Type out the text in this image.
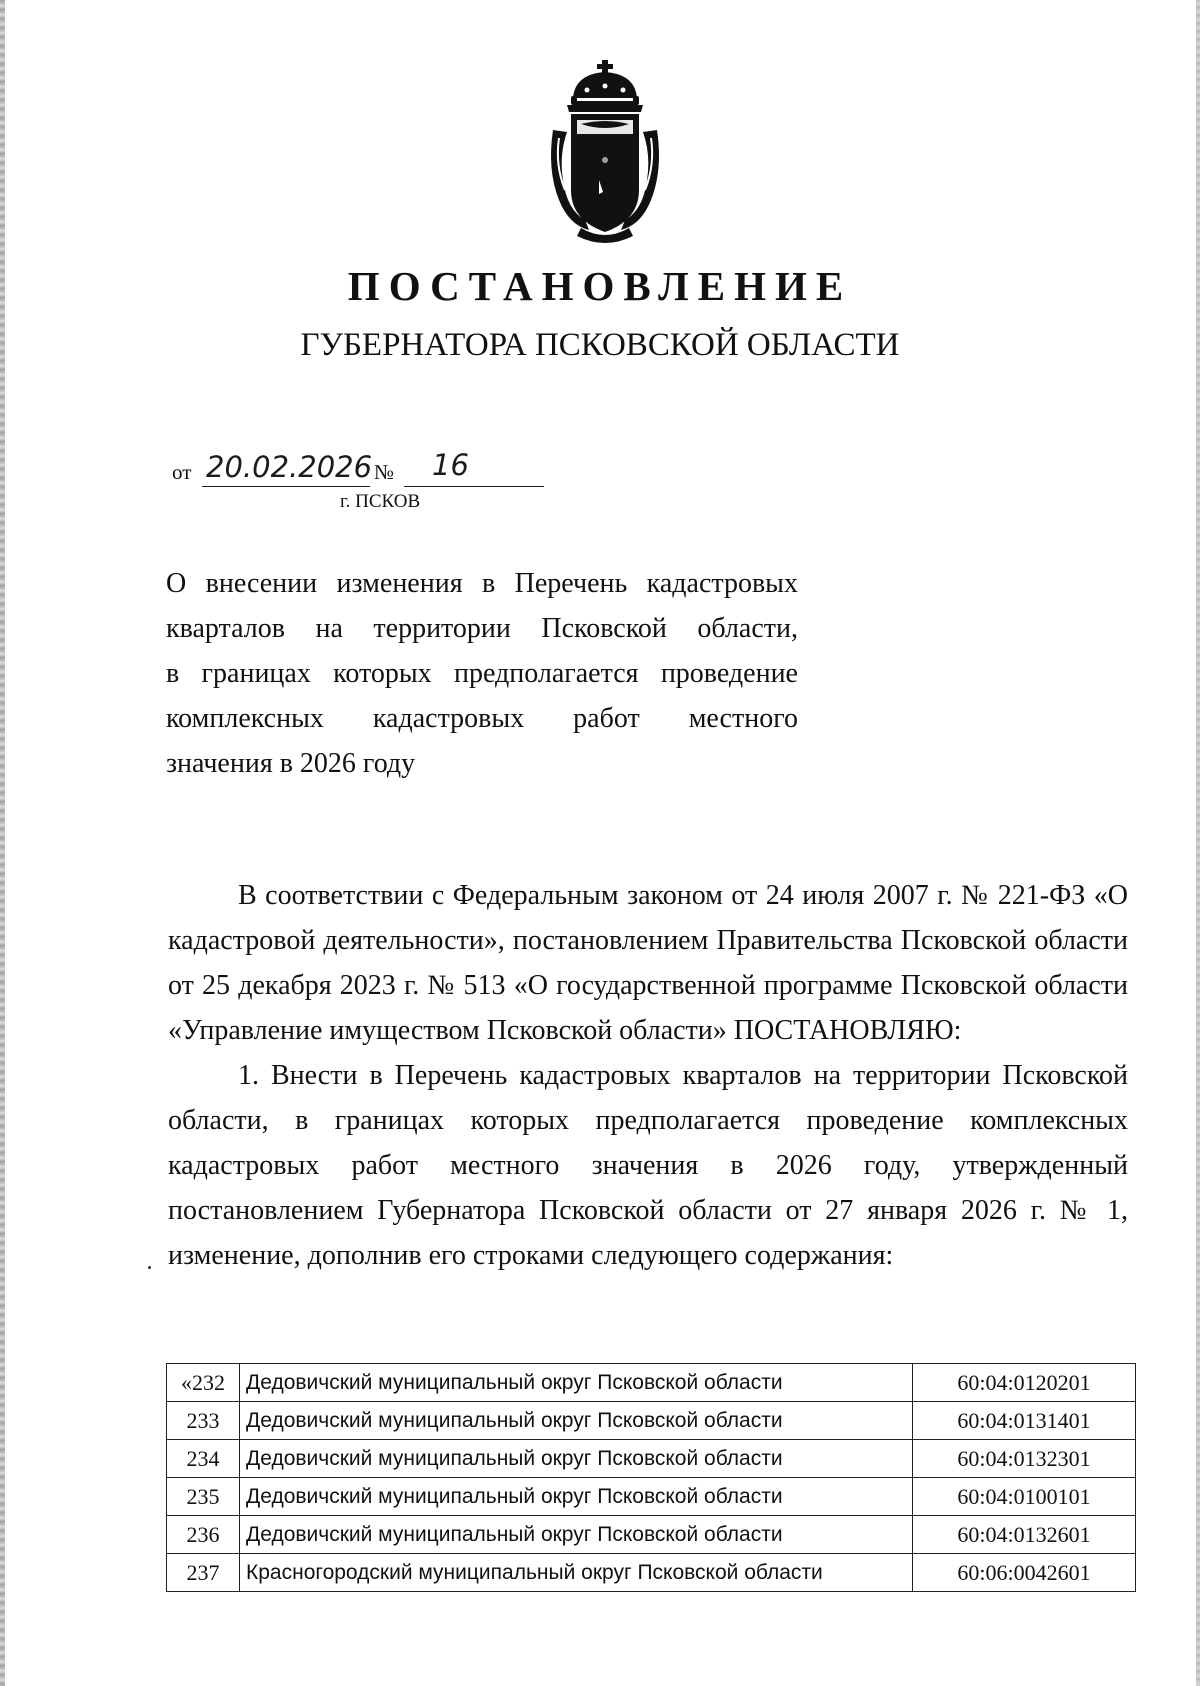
ПОСТАНОВЛЕНИЕ
ГУБЕРНАТОРА ПСКОВСКОЙ ОБЛАСТИ
от 20.02.2026 № 16
г. ПСКОВ
О внесении изменения в Перечень кадастровых
кварталов на территории Псковской области,
в границах которых предполагается проведение
комплексных кадастровых работ местного
значения в 2026 году

В соответствии с Федеральным законом от 24 июля 2007 г. № 221-ФЗ «О кадастровой деятельности», постановлением Правительства Псковской области от 25 декабря 2023 г. № 513 «О государственной программе Псковской области «Управление имуществом Псковской области» ПОСТАНОВЛЯЮ:

1. Внести в Перечень кадастровых кварталов на территории Псковской области, в границах которых предполагается проведение комплексных кадастровых работ местного значения в 2026 году, утвержденный постановлением Губернатора Псковской области от 27 января 2026 г. № 1, изменение, дополнив его строками следующего содержания:

«232	Дедовичский муниципальный округ Псковской области	60:04:0120201
233	Дедовичский муниципальный округ Псковской области	60:04:0131401
234	Дедовичский муниципальный округ Псковской области	60:04:0132301
235	Дедовичский муниципальный округ Псковской области	60:04:0100101
236	Дедовичский муниципальный округ Псковской области	60:04:0132601
237	Красногородский муниципальный округ Псковской области	60:06:0042601
